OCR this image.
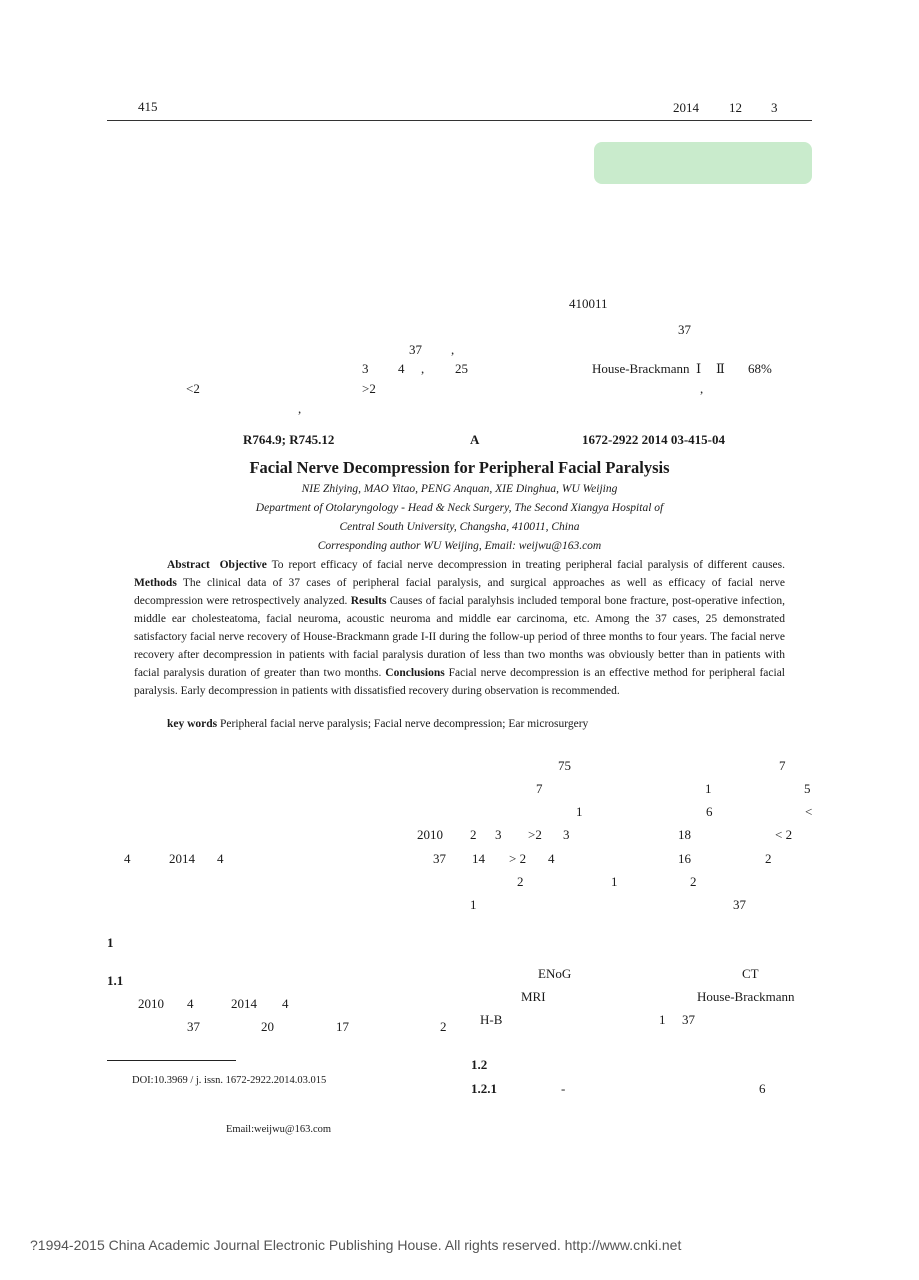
415	2014 12 3
410011
37
37 ,
3 4 , 25	House-Brackmann Ⅰ Ⅱ 68%
<2	>2	,
,
R764.9; R745.12	A	1672-2922 2014 03-415-04
Facial Nerve Decompression for Peripheral Facial Paralysis
NIE Zhiying, MAO Yitao, PENG Anquan, XIE Dinghua, WU Weijing
Department of Otolaryngology - Head & Neck Surgery, The Second Xiangya Hospital of
Central South University, Changsha, 410011, China
Corresponding author WU Weijing, Email: weijwu@163.com
Abstract Objective To report efficacy of facial nerve decompression in treating peripheral facial paralysis of different causes. Methods The clinical data of 37 cases of peripheral facial paralysis, and surgical approaches as well as efficacy of facial nerve decompression were retrospectively analyzed. Results Causes of facial paralyhsis included temporal bone fracture, post-operative infection, middle ear cholesteatoma, facial neuroma, acoustic neuroma and middle ear carcinoma, etc. Among the 37 cases, 25 demonstrated satisfactory facial nerve recovery of House-Brackmann grade I-II during the follow-up period of three months to four years. The facial nerve recovery after decompression in patients with facial paralysis duration of less than two months was obviously better than in patients with facial paralysis duration of greater than two months. Conclusions Facial nerve decompression is an effective method for peripheral facial paralysis. Early decompression in patients with dissatisfied recovery during observation is recommended.
key words Peripheral facial nerve paralysis; Facial nerve decompression; Ear microsurgery
4	2014 4
1
1.1
2010 4	2014 4
37	20	17
DOI:10.3969 / j. issn. 1672-2922.2014.03.015
Email:weijwu@163.com
75	7
7	1	5
1	6	<
2010 2 3 >2 3	18	< 2
37 14 > 2 4	16	2
2	1	2
1	37
ENoG	CT
MRI	House-Brackmann
2	H-B	1 37
1.2
1.2.1	-	6
?1994-2015 China Academic Journal Electronic Publishing House. All rights reserved. http://www.cnki.net
